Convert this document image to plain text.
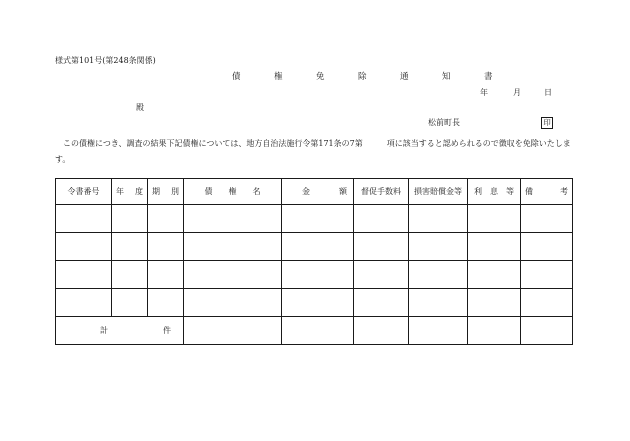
様式第101号(第248条関係)
債　権　免　除　通　知　書
年	月	日
殿
松前町長	印
この債権につき、調査の結果下記債権については、地方自治法施行令第171条の7第　　　項に該当すると認められるので徴収を免除いたします。
令書番号	年 度	期 別	債　　権　　名	金 額	督促手数料	損害賠償金等	利　息　等	備 考

計 件								
